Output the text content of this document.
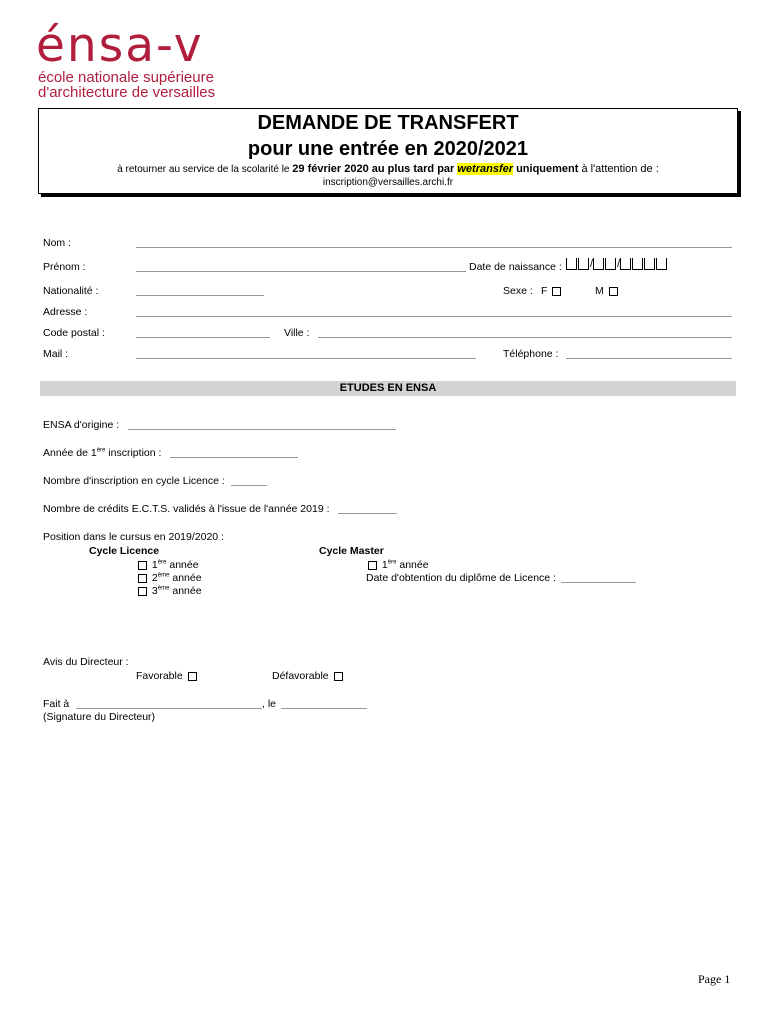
énsa-v
école nationale supérieure
d'architecture de versailles
DEMANDE DE TRANSFERT
pour une entrée en 2020/2021
à retourner au service de la scolarité le 29 février 2020 au plus tard par wetransfer uniquement à l'attention de :
inscription@versailles.archi.fr
Nom :
Prénom :	Date de naissance :	/ /
Nationalité :	Sexe : F	M
Adresse :
Code postal :	Ville :
Mail :	Téléphone :
ETUDES EN ENSA
ENSA d'origine :
Année de 1ère inscription :
Nombre d'inscription en cycle Licence :
Nombre de crédits E.C.T.S. validés à l'issue de l'année 2019 :
Position dans le cursus en 2019/2020 :
Cycle Licence	Cycle Master
1ère année
2ème année
3ème année
1ère année
Date d'obtention du diplôme de Licence :
Avis du Directeur :
Favorable	Défavorable
Fait à	, le
(Signature du Directeur)
Page 1
